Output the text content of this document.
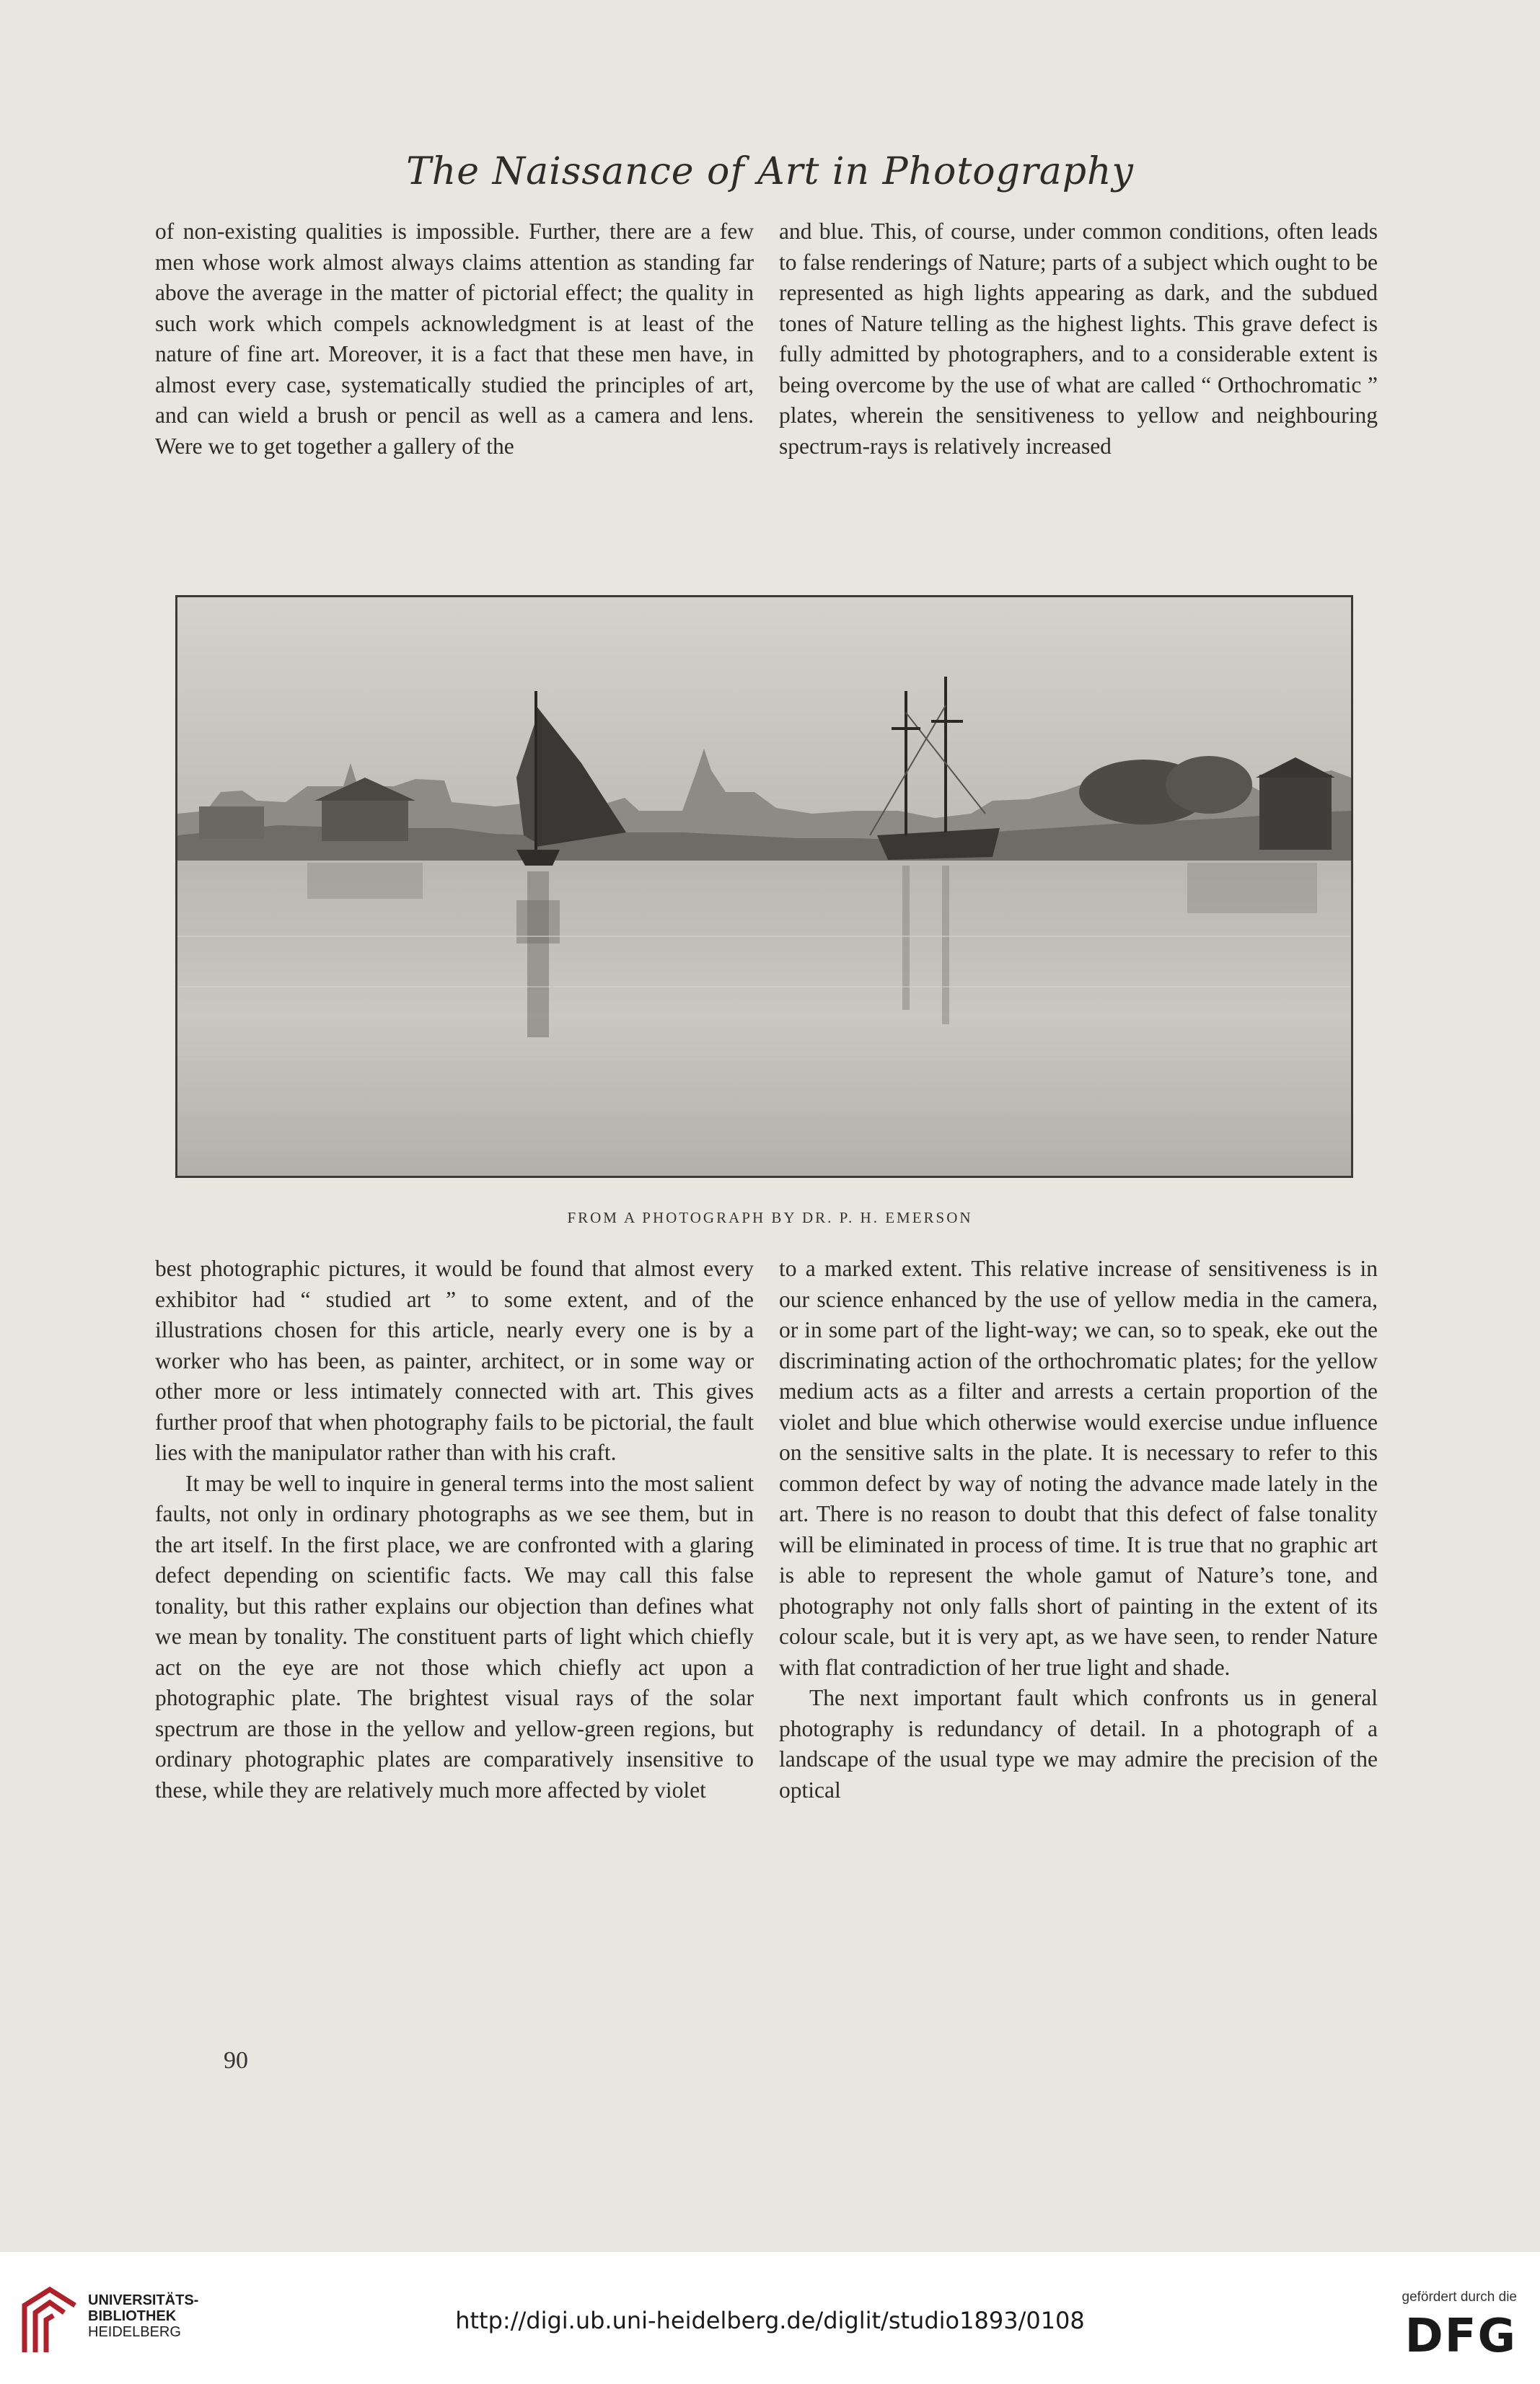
The Naissance of Art in Photography

of non-existing qualities is impossible. Further, there are a few men whose work almost always claims attention as standing far above the average in the matter of pictorial effect; the quality in such work which compels acknowledgment is at least of the nature of fine art. Moreover, it is a fact that these men have, in almost every case, systematically studied the principles of art, and can wield a brush or pencil as well as a camera and lens. Were we to get together a gallery of the

and blue. This, of course, under common conditions, often leads to false renderings of Nature; parts of a subject which ought to be represented as high lights appearing as dark, and the subdued tones of Nature telling as the highest lights. This grave defect is fully admitted by photographers, and to a considerable extent is being overcome by the use of what are called “ Orthochromatic ” plates, wherein the sensitiveness to yellow and neighbouring spectrum-rays is relatively increased

FROM A PHOTOGRAPH BY DR. P. H. EMERSON

best photographic pictures, it would be found that almost every exhibitor had “ studied art ” to some extent, and of the illustrations chosen for this article, nearly every one is by a worker who has been, as painter, architect, or in some way or other more or less intimately connected with art. This gives further proof that when photography fails to be pictorial, the fault lies with the manipulator rather than with his craft.

It may be well to inquire in general terms into the most salient faults, not only in ordinary photographs as we see them, but in the art itself. In the first place, we are confronted with a glaring defect depending on scientific facts. We may call this false tonality, but this rather explains our objection than defines what we mean by tonality. The constituent parts of light which chiefly act on the eye are not those which chiefly act upon a photographic plate. The brightest visual rays of the solar spectrum are those in the yellow and yellow-green regions, but ordinary photographic plates are comparatively insensitive to these, while they are relatively much more affected by violet

to a marked extent. This relative increase of sensitiveness is in our science enhanced by the use of yellow media in the camera, or in some part of the light-way; we can, so to speak, eke out the discriminating action of the orthochromatic plates; for the yellow medium acts as a filter and arrests a certain proportion of the violet and blue which otherwise would exercise undue influence on the sensitive salts in the plate. It is necessary to refer to this common defect by way of noting the advance made lately in the art. There is no reason to doubt that this defect of false tonality will be eliminated in process of time. It is true that no graphic art is able to represent the whole gamut of Nature’s tone, and photography not only falls short of painting in the extent of its colour scale, but it is very apt, as we have seen, to render Nature with flat contradiction of her true light and shade.

The next important fault which confronts us in general photography is redundancy of detail. In a photograph of a landscape of the usual type we may admire the precision of the optical

90
UNIVERSITÄTS-
BIBLIOTHEK
HEIDELBERG	http://digi.ub.uni-heidelberg.de/diglit/studio1893/0108
gefördert durch die
DFG
